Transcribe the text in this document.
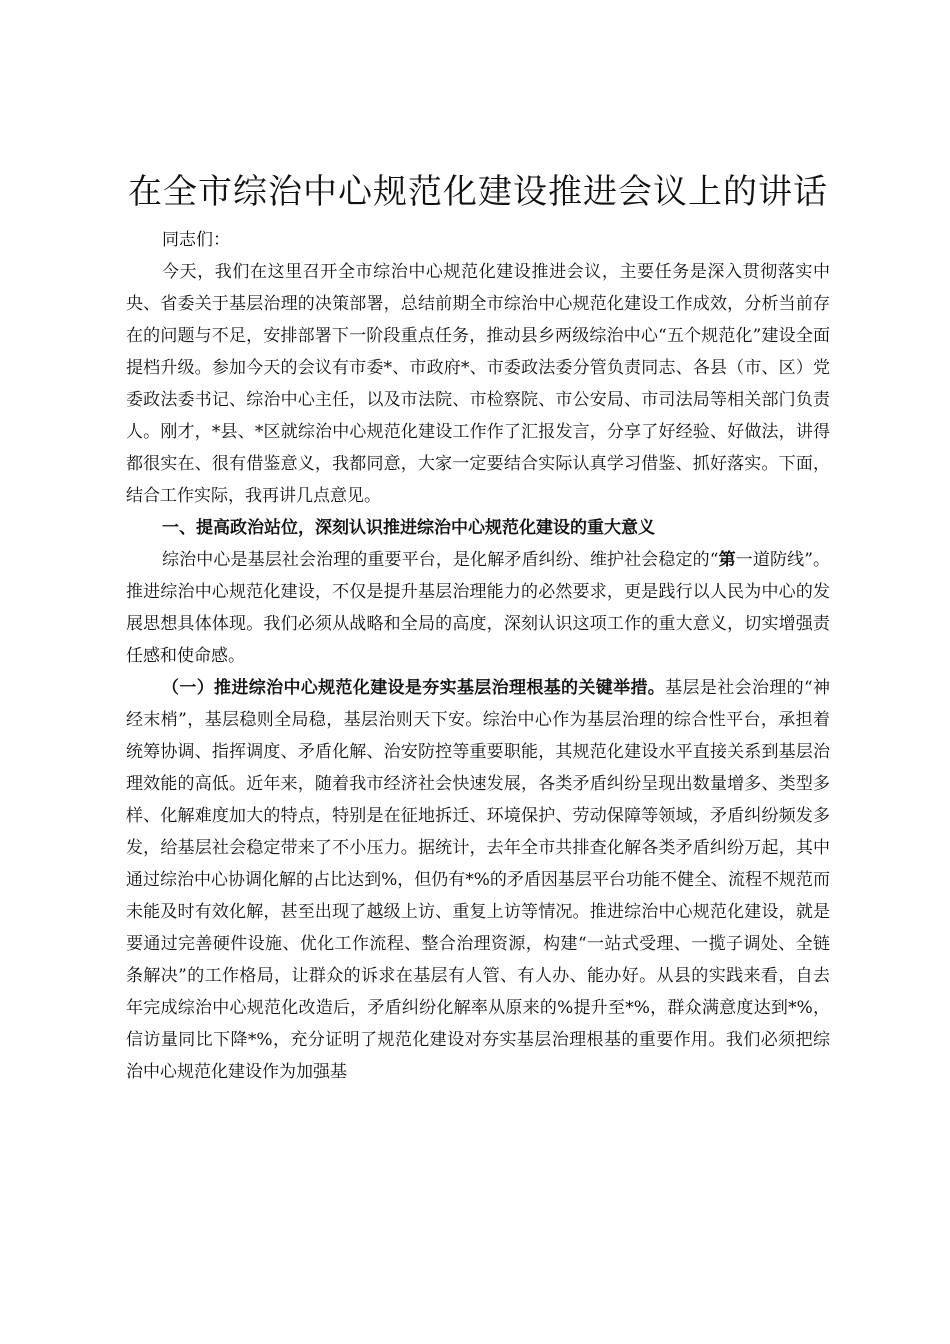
在全市综治中心规范化建设推进会议上的讲话

同志们：

今天，我们在这里召开全市综治中心规范化建设推进会议，主要任务是深入贯彻落实中央、省委关于基层治理的决策部署，总结前期全市综治中心规范化建设工作成效，分析当前存在的问题与不足，安排部署下一阶段重点任务，推动县乡两级综治中心“五个规范化”建设全面提档升级。参加今天的会议有市委*、市政府*、市委政法委分管负责同志、各县（市、区）党委政法委书记、综治中心主任，以及市法院、市检察院、市公安局、市司法局等相关部门负责人。刚才，*县、*区就综治中心规范化建设工作作了汇报发言，分享了好经验、好做法，讲得都很实在、很有借鉴意义，我都同意，大家一定要结合实际认真学习借鉴、抓好落实。下面，结合工作实际，我再讲几点意见。

一、提高政治站位，深刻认识推进综治中心规范化建设的重大意义

综治中心是基层社会治理的重要平台，是化解矛盾纠纷、维护社会稳定的“第一道防线”。推进综治中心规范化建设，不仅是提升基层治理能力的必然要求，更是践行以人民为中心的发展思想具体体现。我们必须从战略和全局的高度，深刻认识这项工作的重大意义，切实增强责任感和使命感。

（一）推进综治中心规范化建设是夯实基层治理根基的关键举措。基层是社会治理的“神经末梢”，基层稳则全局稳，基层治则天下安。综治中心作为基层治理的综合性平台，承担着统筹协调、指挥调度、矛盾化解、治安防控等重要职能，其规范化建设水平直接关系到基层治理效能的高低。近年来，随着我市经济社会快速发展，各类矛盾纠纷呈现出数量增多、类型多样、化解难度加大的特点，特别是在征地拆迁、环境保护、劳动保障等领域，矛盾纠纷频发多发，给基层社会稳定带来了不小压力。据统计，去年全市共排查化解各类矛盾纠纷万起，其中通过综治中心协调化解的占比达到%，但仍有*%的矛盾因基层平台功能不健全、流程不规范而未能及时有效化解，甚至出现了越级上访、重复上访等情况。推进综治中心规范化建设，就是要通过完善硬件设施、优化工作流程、整合治理资源，构建“一站式受理、一揽子调处、全链条解决”的工作格局，让群众的诉求在基层有人管、有人办、能办好。从县的实践来看，自去年完成综治中心规范化改造后，矛盾纠纷化解率从原来的%提升至*%，群众满意度达到*%，信访量同比下降*%，充分证明了规范化建设对夯实基层治理根基的重要作用。我们必须把综治中心规范化建设作为加强基
